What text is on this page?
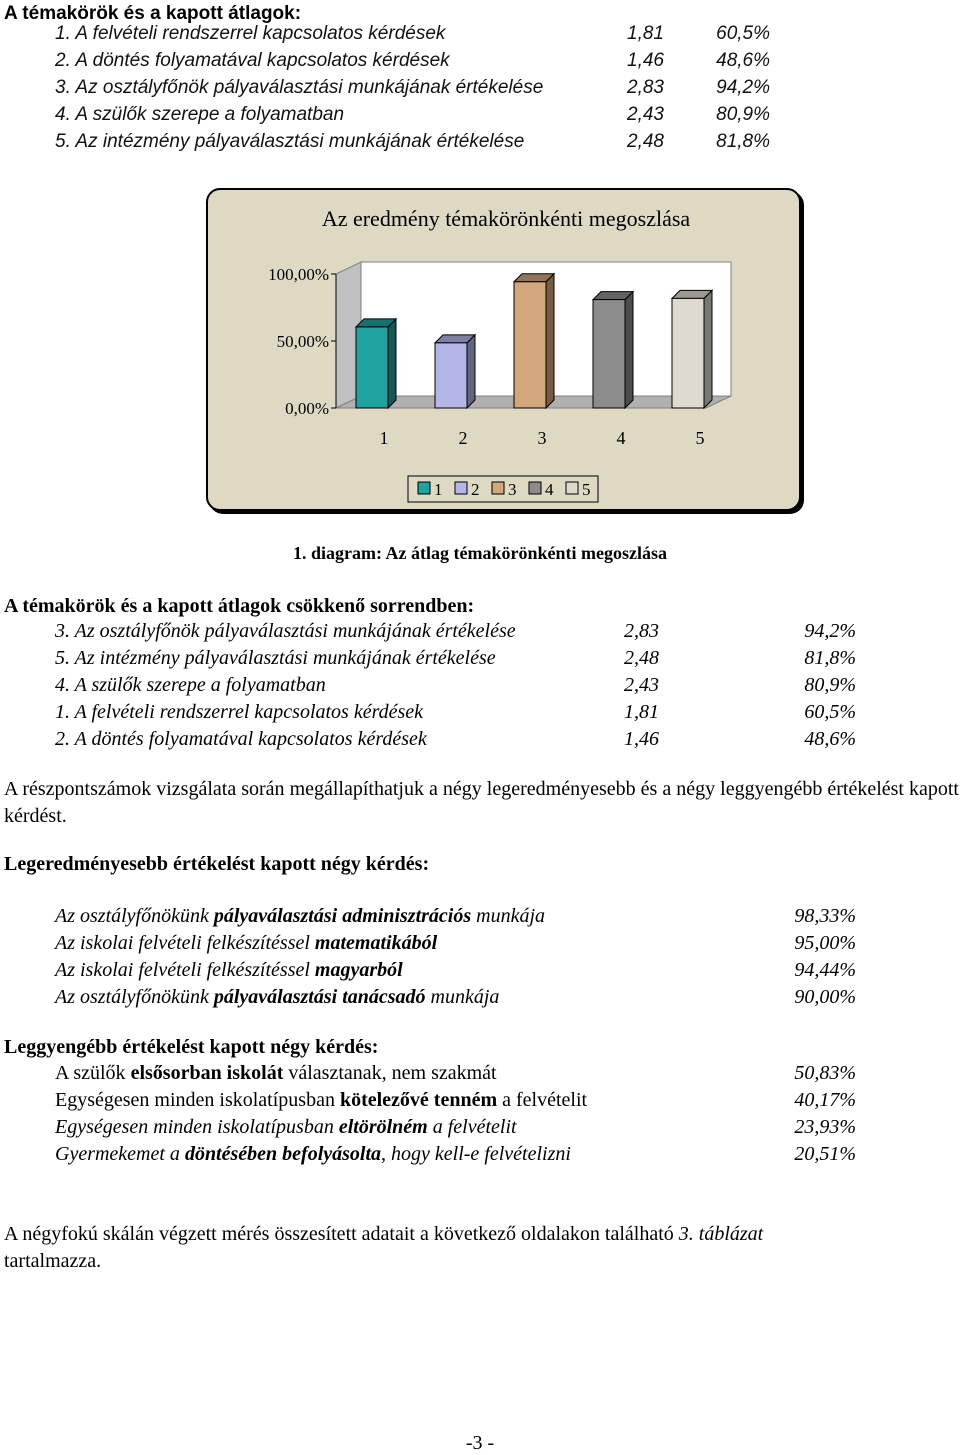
A témakörök és a kapott átlagok:
1. A felvételi rendszerrel kapcsolatos kérdések	1,81	60,5%
2. A döntés folyamatával kapcsolatos kérdések	1,46	48,6%
3. Az osztályfőnök pályaválasztási munkájának értékelése	2,83	94,2%
4. A szülők szerepe a folyamatban	2,43	80,9%
5. Az intézmény pályaválasztási munkájának értékelése	2,48	81,8%
Az eredmény témakörönkénti megoszlása
0,00%
50,00%
100,00%
1	2	3	4	5
1 2 3 4 5
1. diagram: Az átlag témakörönkénti megoszlása
A témakörök és a kapott átlagok csökkenő sorrendben:
3. Az osztályfőnök pályaválasztási munkájának értékelése	2,83	94,2%
5. Az intézmény pályaválasztási munkájának értékelése	2,48	81,8%
4. A szülők szerepe a folyamatban	2,43	80,9%
1. A felvételi rendszerrel kapcsolatos kérdések	1,81	60,5%
2. A döntés folyamatával kapcsolatos kérdések	1,46	48,6%
A részpontszámok vizsgálata során megállapíthatjuk a négy legeredményesebb és a négy leggyengébb értékelést kapott kérdést.
Legeredményesebb értékelést kapott négy kérdés:
Az osztályfőnökünk pályaválasztási adminisztrációs munkája	98,33%
Az iskolai felvételi felkészítéssel matematikából	95,00%
Az iskolai felvételi felkészítéssel magyarból	94,44%
Az osztályfőnökünk pályaválasztási tanácsadó munkája	90,00%
Leggyengébb értékelést kapott négy kérdés:
A szülők elsősorban iskolát választanak, nem szakmát	50,83%
Egységesen minden iskolatípusban kötelezővé tenném a felvételit	40,17%
Egységesen minden iskolatípusban eltörölném a felvételit	23,93%
Gyermekemet a döntésében befolyásolta, hogy kell-e felvételizni	20,51%
A négyfokú skálán végzett mérés összesített adatait a következő oldalakon található 3. táblázat
tartalmazza.
-3 -
